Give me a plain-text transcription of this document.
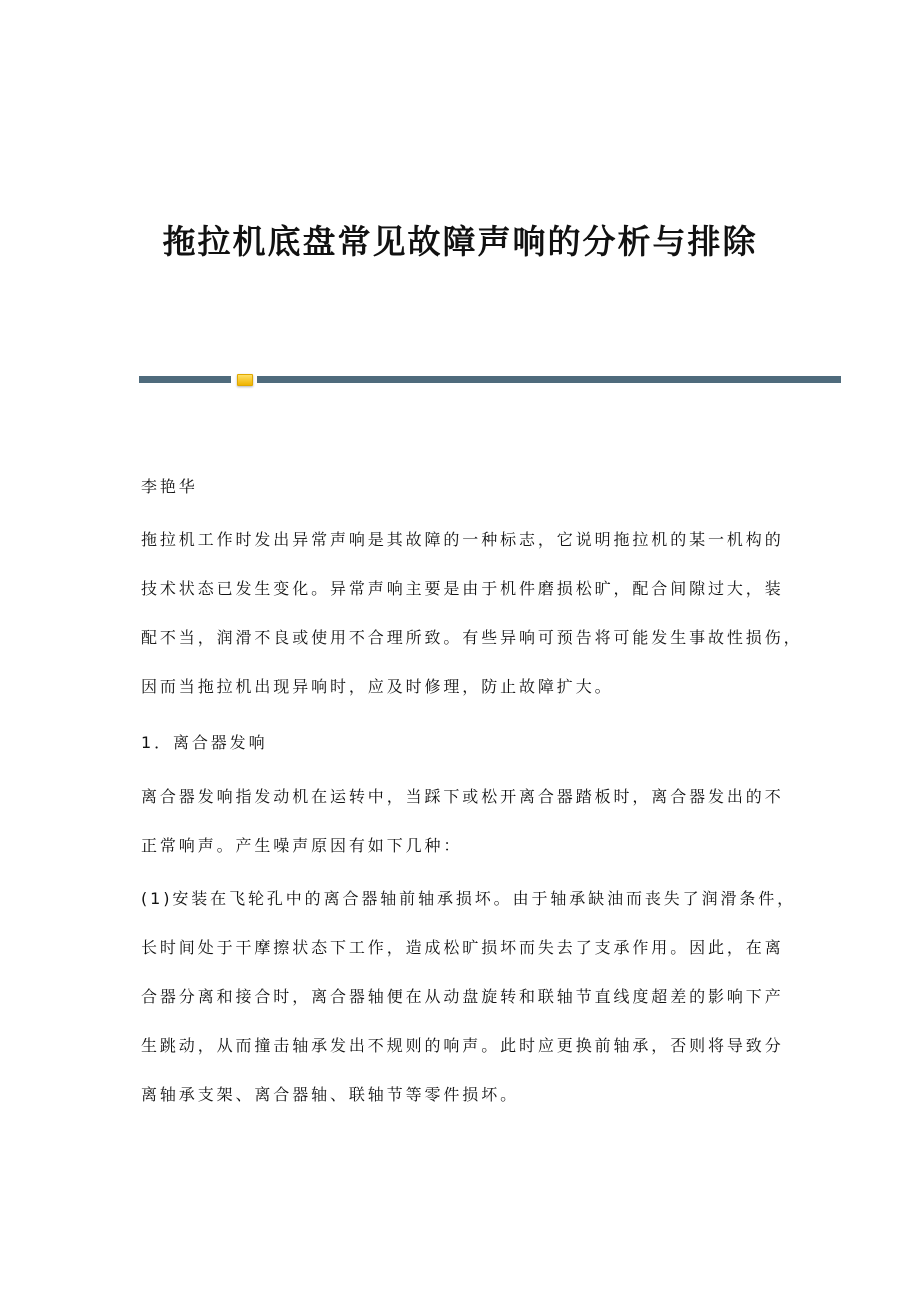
拖拉机底盘常见故障声响的分析与排除
李艳华
拖拉机工作时发出异常声响是其故障的一种标志，它说明拖拉机的某一机构的
技术状态已发生变化。异常声响主要是由于机件磨损松旷，配合间隙过大，装
配不当，润滑不良或使用不合理所致。有些异响可预告将可能发生事故性损伤，
因而当拖拉机出现异响时，应及时修理，防止故障扩大。
1．离合器发响
离合器发响指发动机在运转中，当踩下或松开离合器踏板时，离合器发出的不
正常响声。产生噪声原因有如下几种：
(1)安装在飞轮孔中的离合器轴前轴承损坏。由于轴承缺油而丧失了润滑条件，
长时间处于干摩擦状态下工作，造成松旷损坏而失去了支承作用。因此，在离
合器分离和接合时，离合器轴便在从动盘旋转和联轴节直线度超差的影响下产
生跳动，从而撞击轴承发出不规则的响声。此时应更换前轴承，否则将导致分
离轴承支架、离合器轴、联轴节等零件损坏。
